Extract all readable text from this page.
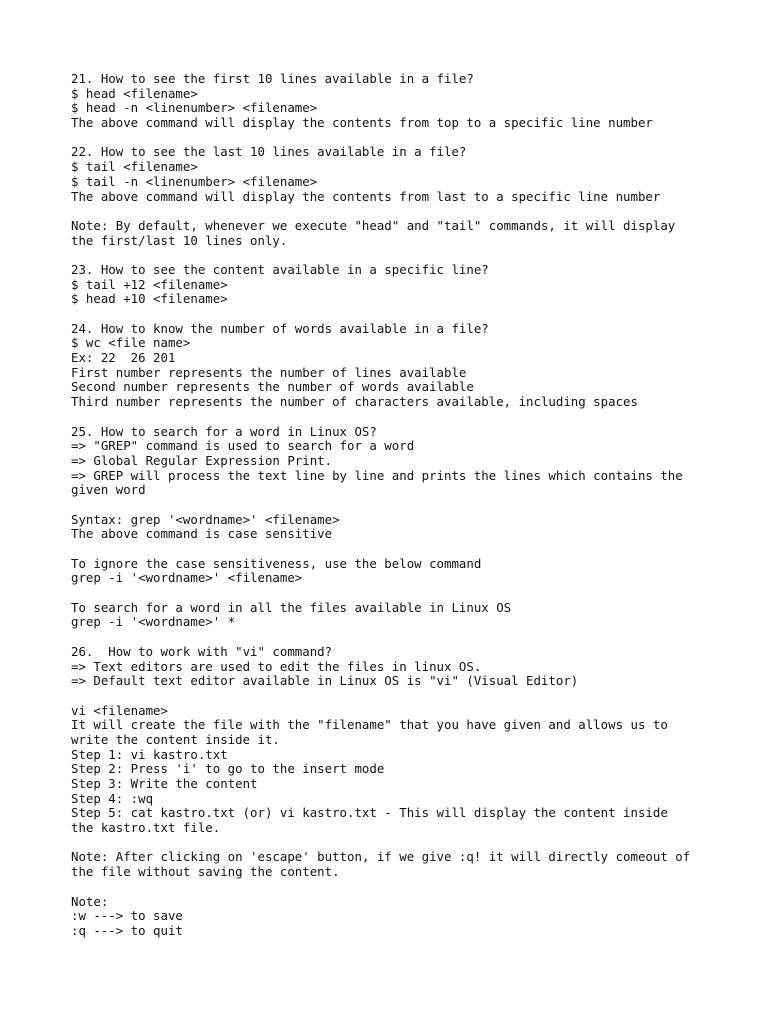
21. How to see the first 10 lines available in a file?
$ head <filename>
$ head -n <linenumber> <filename>
The above command will display the contents from top to a specific line number
22. How to see the last 10 lines available in a file?
$ tail <filename>
$ tail -n <linenumber> <filename>
The above command will display the contents from last to a specific line number
Note: By default, whenever we execute "head" and "tail" commands, it will display
the first/last 10 lines only.
23. How to see the content available in a specific line?
$ tail +12 <filename>
$ head +10 <filename>
24. How to know the number of words available in a file?
$ wc <file name>
Ex: 22  26 201
First number represents the number of lines available
Second number represents the number of words available
Third number represents the number of characters available, including spaces
25. How to search for a word in Linux OS?
=> "GREP" command is used to search for a word
=> Global Regular Expression Print.
=> GREP will process the text line by line and prints the lines which contains the
given word
Syntax: grep '<wordname>' <filename>
The above command is case sensitive
To ignore the case sensitiveness, use the below command
grep -i '<wordname>' <filename>
To search for a word in all the files available in Linux OS
grep -i '<wordname>' *
26.  How to work with "vi" command?
=> Text editors are used to edit the files in linux OS.
=> Default text editor available in Linux OS is "vi" (Visual Editor)
vi <filename>
It will create the file with the "filename" that you have given and allows us to
write the content inside it.
Step 1: vi kastro.txt
Step 2: Press 'i' to go to the insert mode
Step 3: Write the content
Step 4: :wq
Step 5: cat kastro.txt (or) vi kastro.txt - This will display the content inside
the kastro.txt file.
Note: After clicking on 'escape' button, if we give :q! it will directly comeout of
the file without saving the content.
Note:
:w ---> to save
:q ---> to quit
